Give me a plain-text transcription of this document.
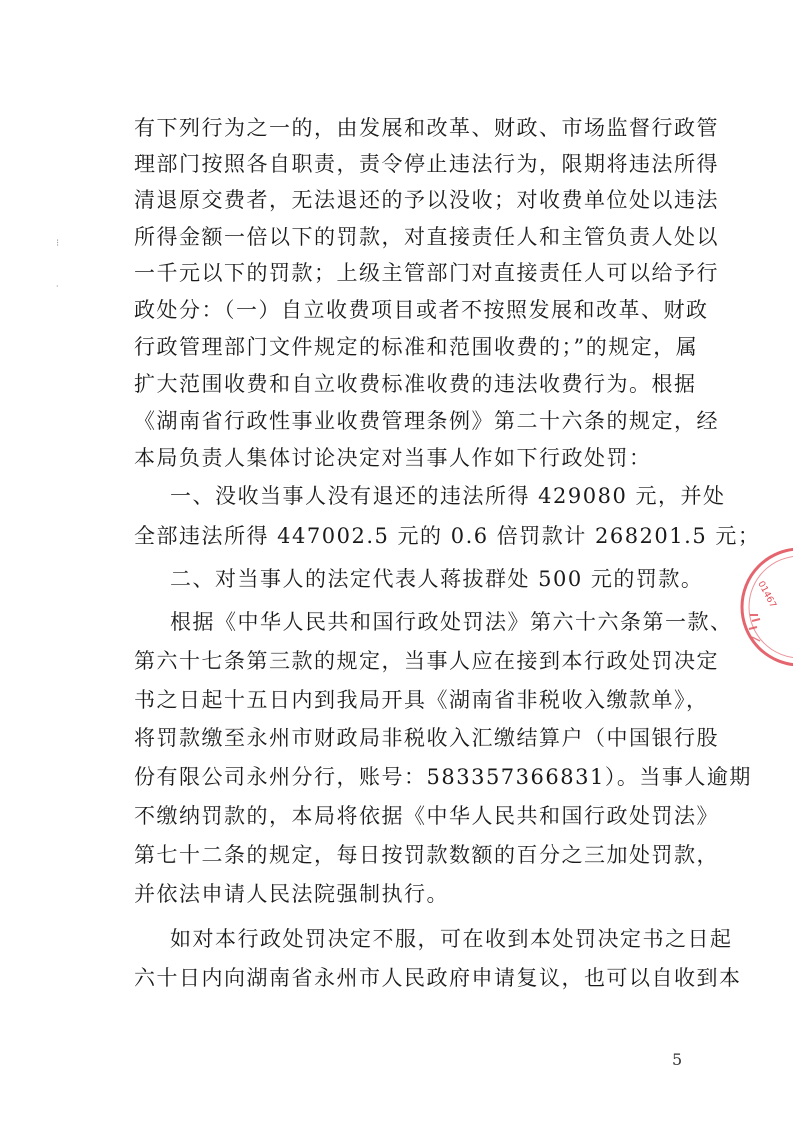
有下列行为之一的，由发展和改革、财政、市场监督行政管
理部门按照各自职责，责令停止违法行为，限期将违法所得
清退原交费者，无法退还的予以没收；对收费单位处以违法
所得金额一倍以下的罚款，对直接责任人和主管负责人处以
一千元以下的罚款；上级主管部门对直接责任人可以给予行
政处分：（一）自立收费项目或者不按照发展和改革、财政
行政管理部门文件规定的标准和范围收费的；”的规定，属
扩大范围收费和自立收费标准收费的违法收费行为。根据
《湖南省行政性事业收费管理条例》第二十六条的规定，经
本局负责人集体讨论决定对当事人作如下行政处罚：
一、没收当事人没有退还的违法所得 429080 元，并处
全部违法所得 447002.5 元的 0.6 倍罚款计 268201.5 元；
二、对当事人的法定代表人蒋拔群处 500 元的罚款。
根据《中华人民共和国行政处罚法》第六十六条第一款、
第六十七条第三款的规定，当事人应在接到本行政处罚决定
书之日起十五日内到我局开具《湖南省非税收入缴款单》，
将罚款缴至永州市财政局非税收入汇缴结算户（中国银行股
份有限公司永州分行，账号：583357366831）。当事人逾期
不缴纳罚款的，本局将依据《中华人民共和国行政处罚法》
第七十二条的规定，每日按罚款数额的百分之三加处罚款，
并依法申请人民法院强制执行。
如对本行政处罚决定不服，可在收到本处罚决定书之日起
六十日内向湖南省永州市人民政府申请复议，也可以自收到本
5
⁝
·
01467
